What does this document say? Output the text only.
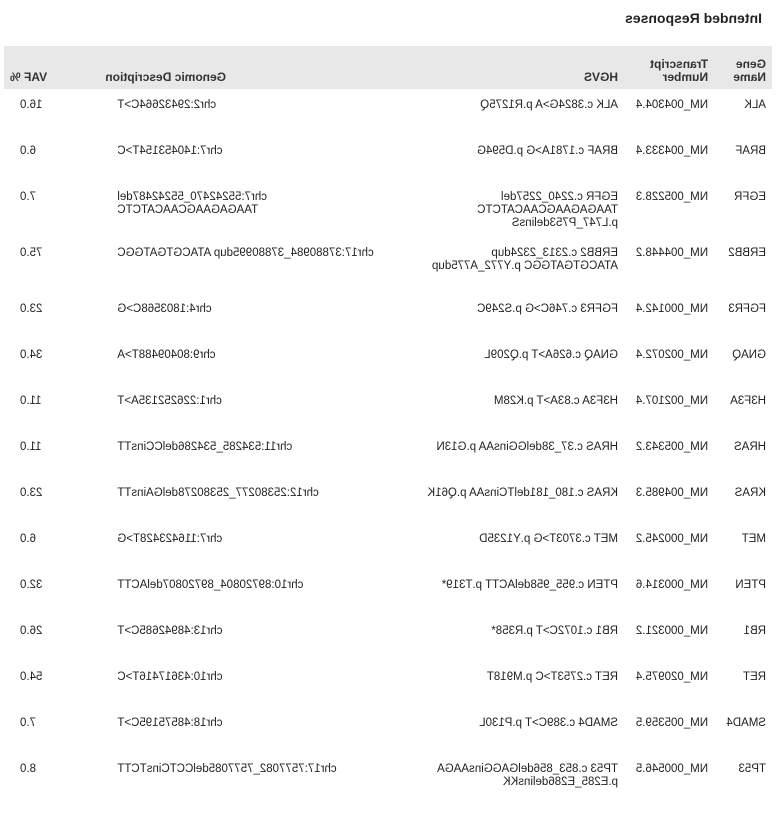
Intended Responses
Gene Name	Transcript Number	HGVS	Genomic Description	VAF %
ALK	NM_004304.4	ALK c.3824G>A p.R1275Q	chr2:29432664C>T	16.0
BRAF	NM_004333.4	BRAF c.1781A>G p.D594G	chr7:140453154T>C	6.0
EGFR	NM_005228.3	EGFR c.2240_2257del TAAGAGAAGCAACATCTC p.L747_P753delinsS	chr7:55242470_55242487del TAAGAGAAGCAACATCTC	7.0
ERBB2	NM_004448.2	ERBB2 c.2313_2324dup ATACGTGATGGC p.Y772_A775dup	chr17:37880984_37880995dup ATACGTGATGGC	75.0
FGFR3	NM_000142.4	FGFR3 c.746C>G p.S249C	chr4:1803568C>G	23.0
GNAQ	NM_002072.4	GNAQ c.626A>T p.Q209L	chr9:80409488T>A	34.0
H3F3A	NM_002107.4	H3F3A c.83A>T p.K28M	chr1:226252135A>T	11.0
HRAS	NM_005343.2	HRAS c.37_38delGGinsAA p.G13N	chr11:534285_534286delCCinsTT	11.0
KRAS	NM_004985.3	KRAS c.180_181delTCinsAA p.Q61K	chr12:25380277_25380278delGAinsTT	23.0
MET	NM_000245.2	MET c.3703T>G p.Y1235D	chr7:116423428T>G	6.0
PTEN	NM_000314.6	PTEN c.955_958delACTT p.T319*	chr10:89720804_89720807delACTT	32.0
RB1	NM_000321.2	RB1 c.1072C>T p.R358*	chr13:48942685C>T	26.0
RET	NM_020975.4	RET c.2753T>C p.M918T	chr10:43617416T>C	54.0
SMAD4	NM_005359.5	SMAD4 c.389C>T p.P130L	chr18:48575195C>T	7.0
TP53	NM_000546.5	TP53 c.853_856delGAGGinsAAGA p.E285_E286delinsKK	chr17:7577082_7577085delCCTCinsTCTT	8.0
